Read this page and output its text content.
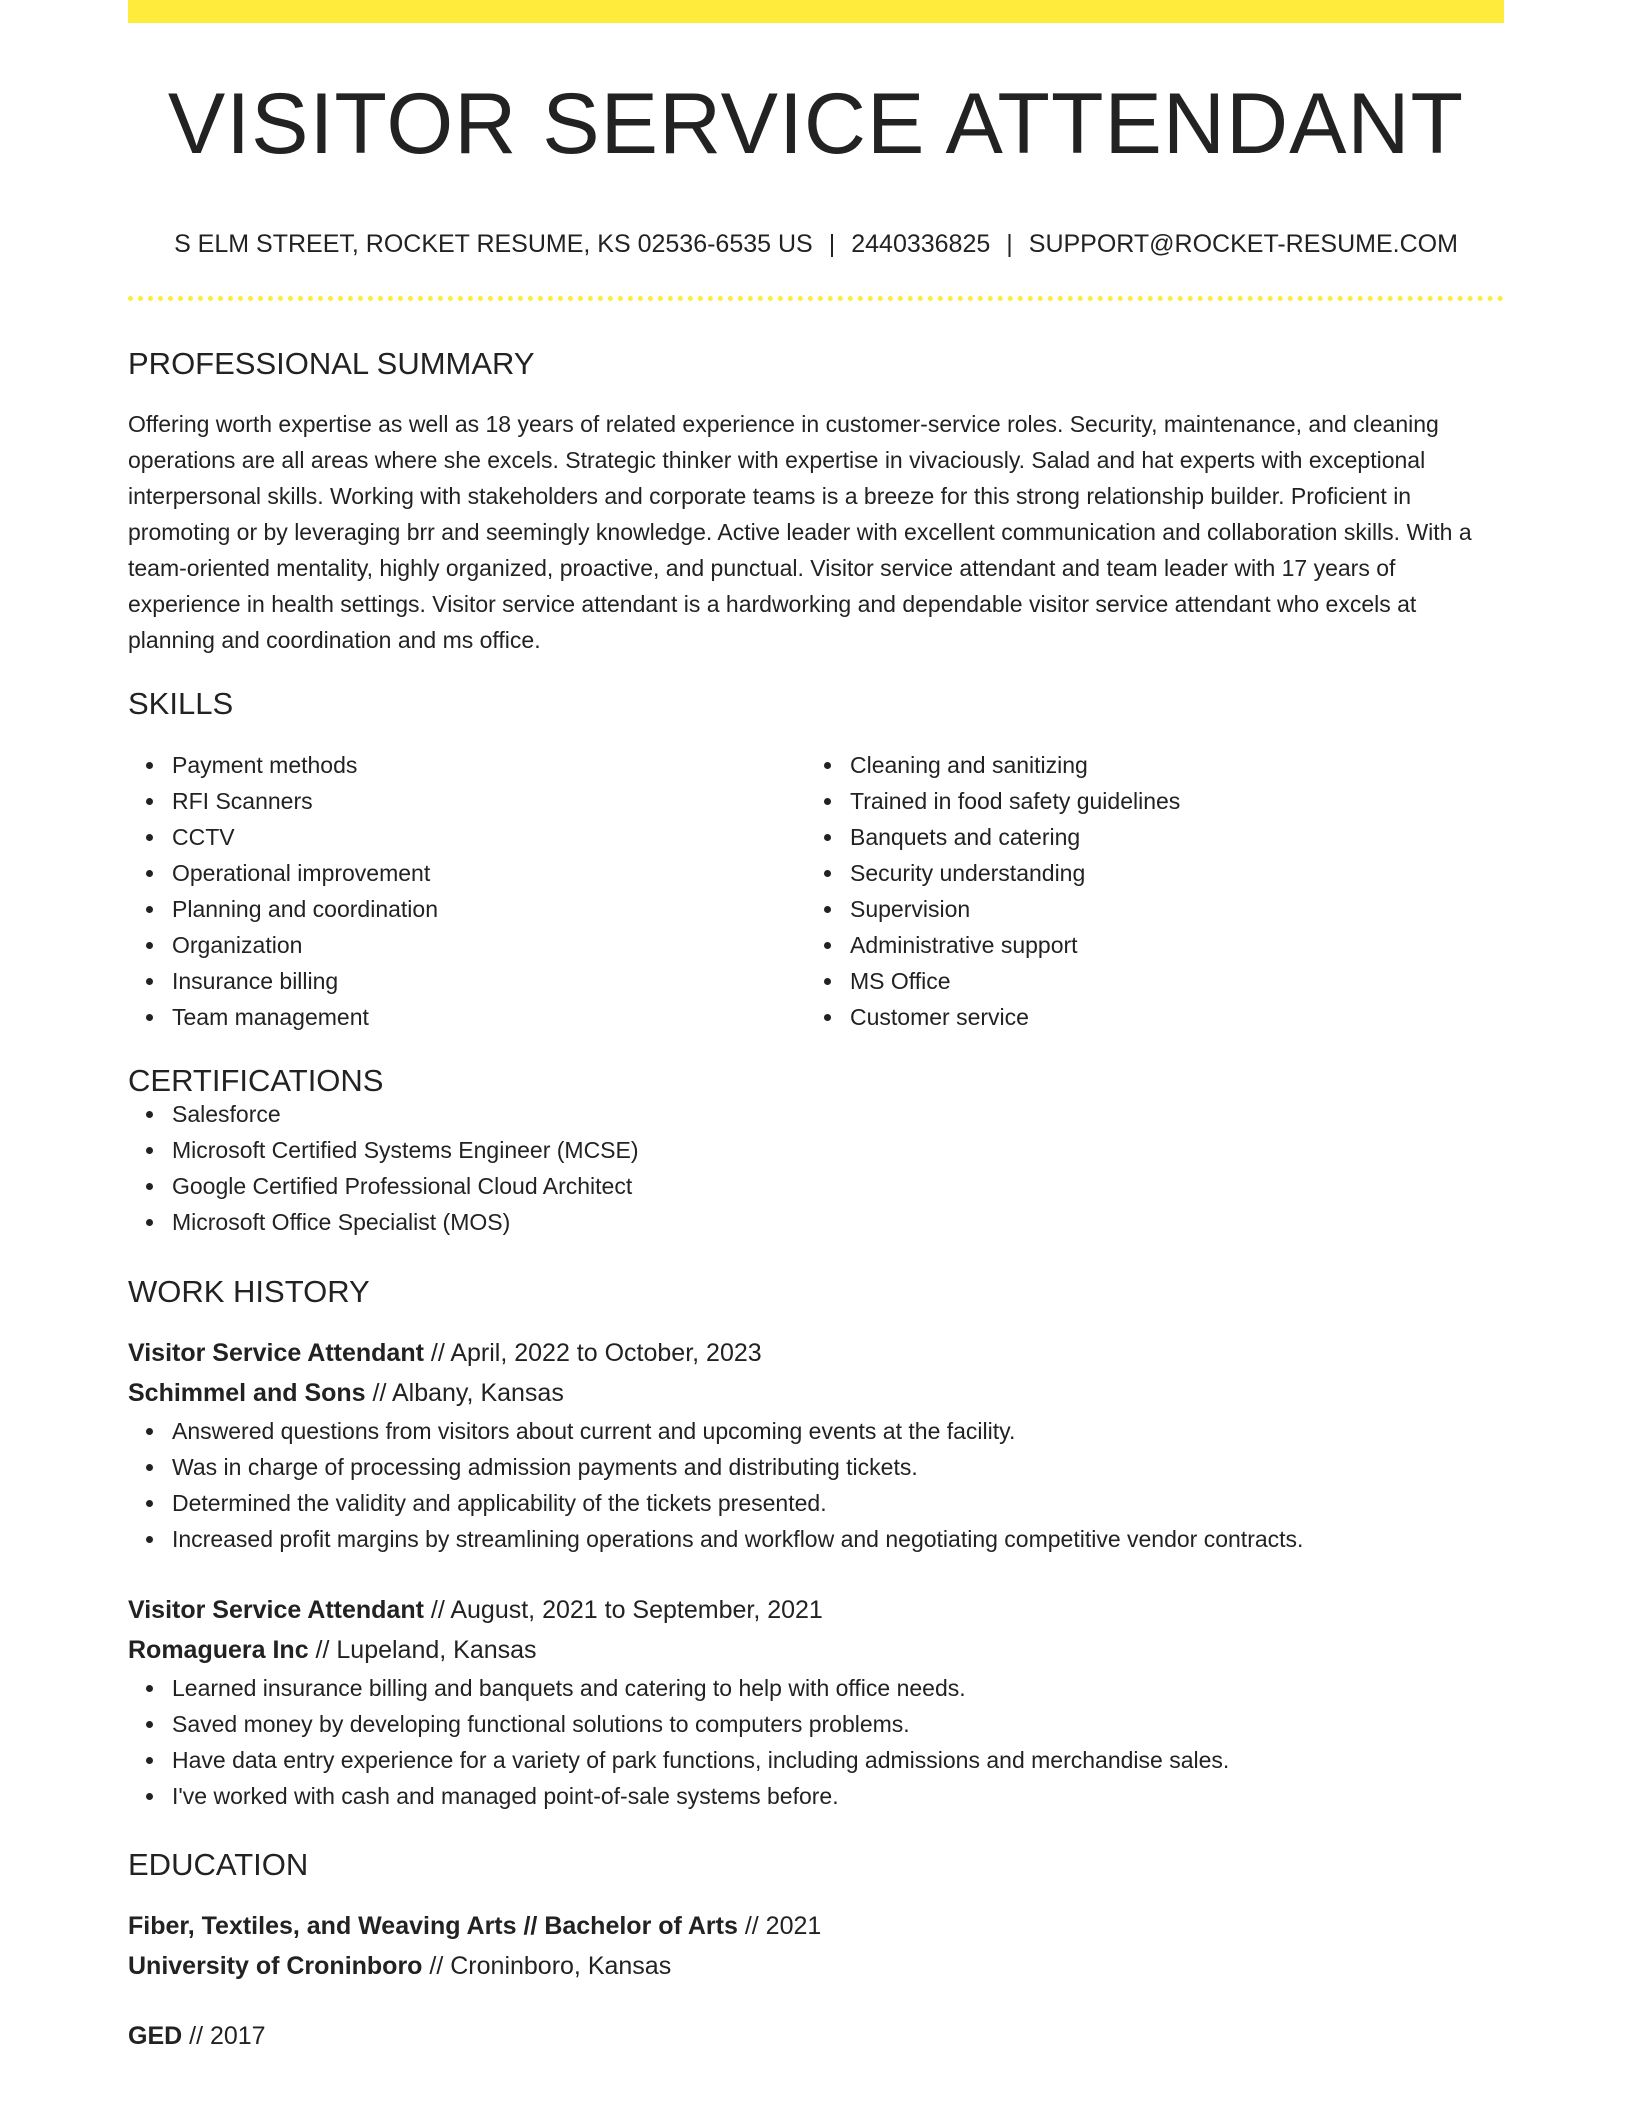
VISITOR SERVICE ATTENDANT
S ELM STREET, ROCKET RESUME, KS 02536-6535 US | 2440336825 | SUPPORT@ROCKET-RESUME.COM
PROFESSIONAL SUMMARY
Offering worth expertise as well as 18 years of related experience in customer-service roles. Security, maintenance, and cleaning operations are all areas where she excels. Strategic thinker with expertise in vivaciously. Salad and hat experts with exceptional interpersonal skills. Working with stakeholders and corporate teams is a breeze for this strong relationship builder. Proficient in promoting or by leveraging brr and seemingly knowledge. Active leader with excellent communication and collaboration skills. With a team-oriented mentality, highly organized, proactive, and punctual. Visitor service attendant and team leader with 17 years of experience in health settings. Visitor service attendant is a hardworking and dependable visitor service attendant who excels at planning and coordination and ms office.
SKILLS
Payment methods
RFI Scanners
CCTV
Operational improvement
Planning and coordination
Organization
Insurance billing
Team management
Cleaning and sanitizing
Trained in food safety guidelines
Banquets and catering
Security understanding
Supervision
Administrative support
MS Office
Customer service
CERTIFICATIONS
Salesforce
Microsoft Certified Systems Engineer (MCSE)
Google Certified Professional Cloud Architect
Microsoft Office Specialist (MOS)
WORK HISTORY
Visitor Service Attendant // April, 2022 to October, 2023
Schimmel and Sons // Albany, Kansas
Answered questions from visitors about current and upcoming events at the facility.
Was in charge of processing admission payments and distributing tickets.
Determined the validity and applicability of the tickets presented.
Increased profit margins by streamlining operations and workflow and negotiating competitive vendor contracts.
Visitor Service Attendant // August, 2021 to September, 2021
Romaguera Inc // Lupeland, Kansas
Learned insurance billing and banquets and catering to help with office needs.
Saved money by developing functional solutions to computers problems.
Have data entry experience for a variety of park functions, including admissions and merchandise sales.
I've worked with cash and managed point-of-sale systems before.
EDUCATION
Fiber, Textiles, and Weaving Arts // Bachelor of Arts // 2021
University of Croninboro // Croninboro, Kansas
GED // 2017
